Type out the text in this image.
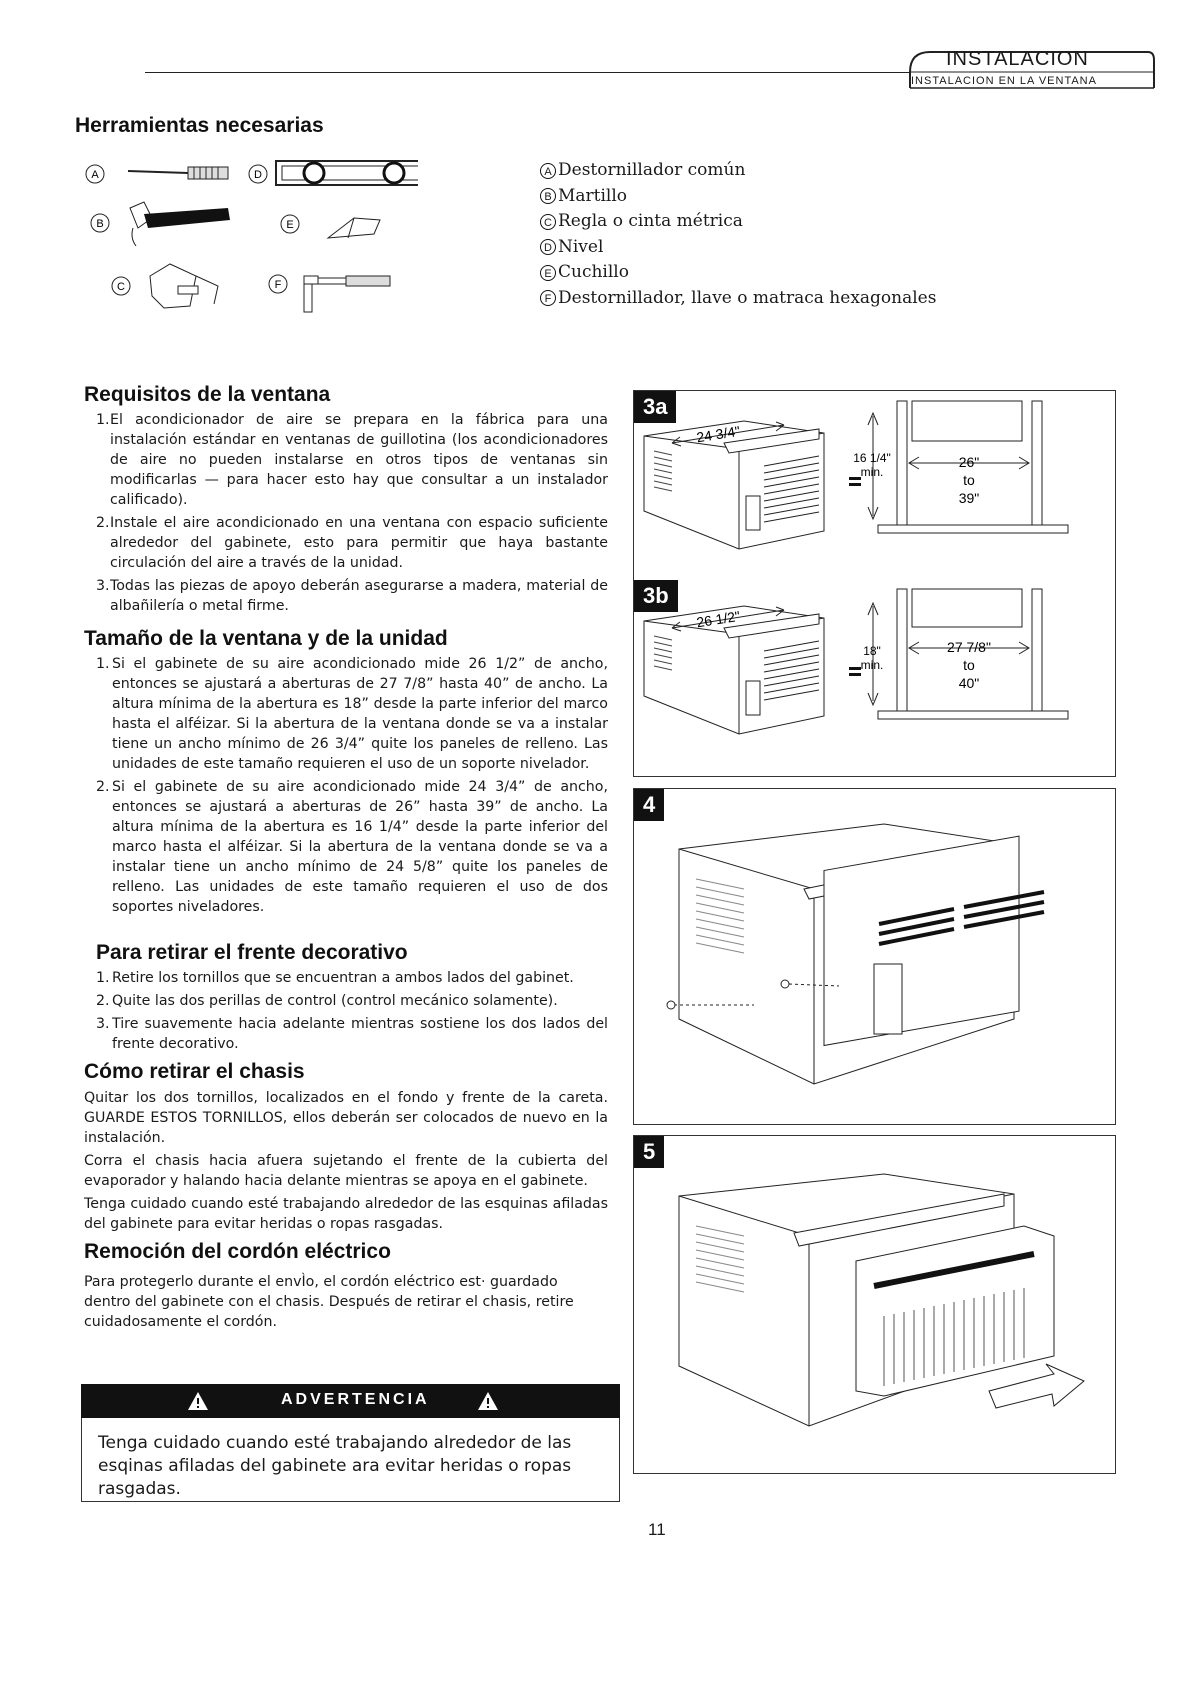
INSTALACION
INSTALACION EN LA VENTANA
Herramientas necesarias
A
B
C
D
E
F
A Destornillador común
B Martillo
C Regla o cinta métrica
D Nivel
E Cuchillo
F Destornillador, llave o matraca hexagonales
Requisitos de la ventana
1. El acondicionador de aire se prepara en la fábrica para una instalación estándar en ventanas de guillotina (los acondicionadores de aire no pueden instalarse en otros tipos de ventanas sin modificarlas — para hacer esto hay que consultar a un instalador calificado).
2. Instale el aire acondicionado en una ventana con espacio suficiente alrededor del gabinete, esto para permitir que haya bastante circulación del aire a través de la unidad.
3. Todas las piezas de apoyo deberán asegurarse a madera, material de albañilería o metal firme.
Tamaño de la ventana y de la unidad
1. Si el gabinete de su aire acondicionado mide 26 1/2” de ancho, entonces se ajustará a aberturas de 27 7/8” hasta 40” de ancho. La altura mínima de la abertura es 18” desde la parte inferior del marco hasta el alféizar. Si la abertura de la ventana donde se va a instalar tiene un ancho mínimo de 26 3/4” quite los paneles de relleno. Las unidades de este tamaño requieren el uso de un soporte nivelador.
2. Si el gabinete de su aire acondicionado mide 24 3/4” de ancho, entonces se ajustará a aberturas de 26” hasta 39” de ancho. La altura mínima de la abertura es 16 1/4” desde la parte inferior del marco hasta el alféizar. Si la abertura de la ventana donde se va a instalar tiene un ancho mínimo de 24 5/8” quite los paneles de relleno. Las unidades de este tamaño requieren el uso de dos soportes niveladores.
Para retirar el frente decorativo
1. Retire los tornillos que se encuentran a ambos lados del gabinet.
2. Quite las dos perillas de control (control mecánico solamente).
3. Tire suavemente hacia adelante mientras sostiene los dos lados del frente decorativo.
Cómo retirar el chasis

Quitar los dos tornillos, localizados en el fondo y frente de la careta. GUARDE ESTOS TORNILLOS, ellos deberán ser colocados de nuevo en la instalación.

Corra el chasis hacia afuera sujetando el frente de la cubierta del evaporador y halando hacia delante mientras se apoya en el gabinete.

Tenga cuidado cuando esté trabajando alrededor de las esquinas afiladas del gabinete para evitar heridas o ropas rasgadas.

Remoción del cordón eléctrico

Para protegerlo durante el envÌo, el cordón eléctrico est· guardado dentro del gabinete con el chasis. Después de retirar el chasis, retire cuidadosamente el cordón.

ADVERTENCIA
Tenga cuidado cuando esté trabajando alrededor de las esqinas afiladas del gabinete ara evitar heridas o ropas rasgadas.
3a
3b
24 3/4"
16 1/4"
min.
26"
to
39"
26 1/2"
18"
min.
27 7/8"
to
40"
4
5
11
